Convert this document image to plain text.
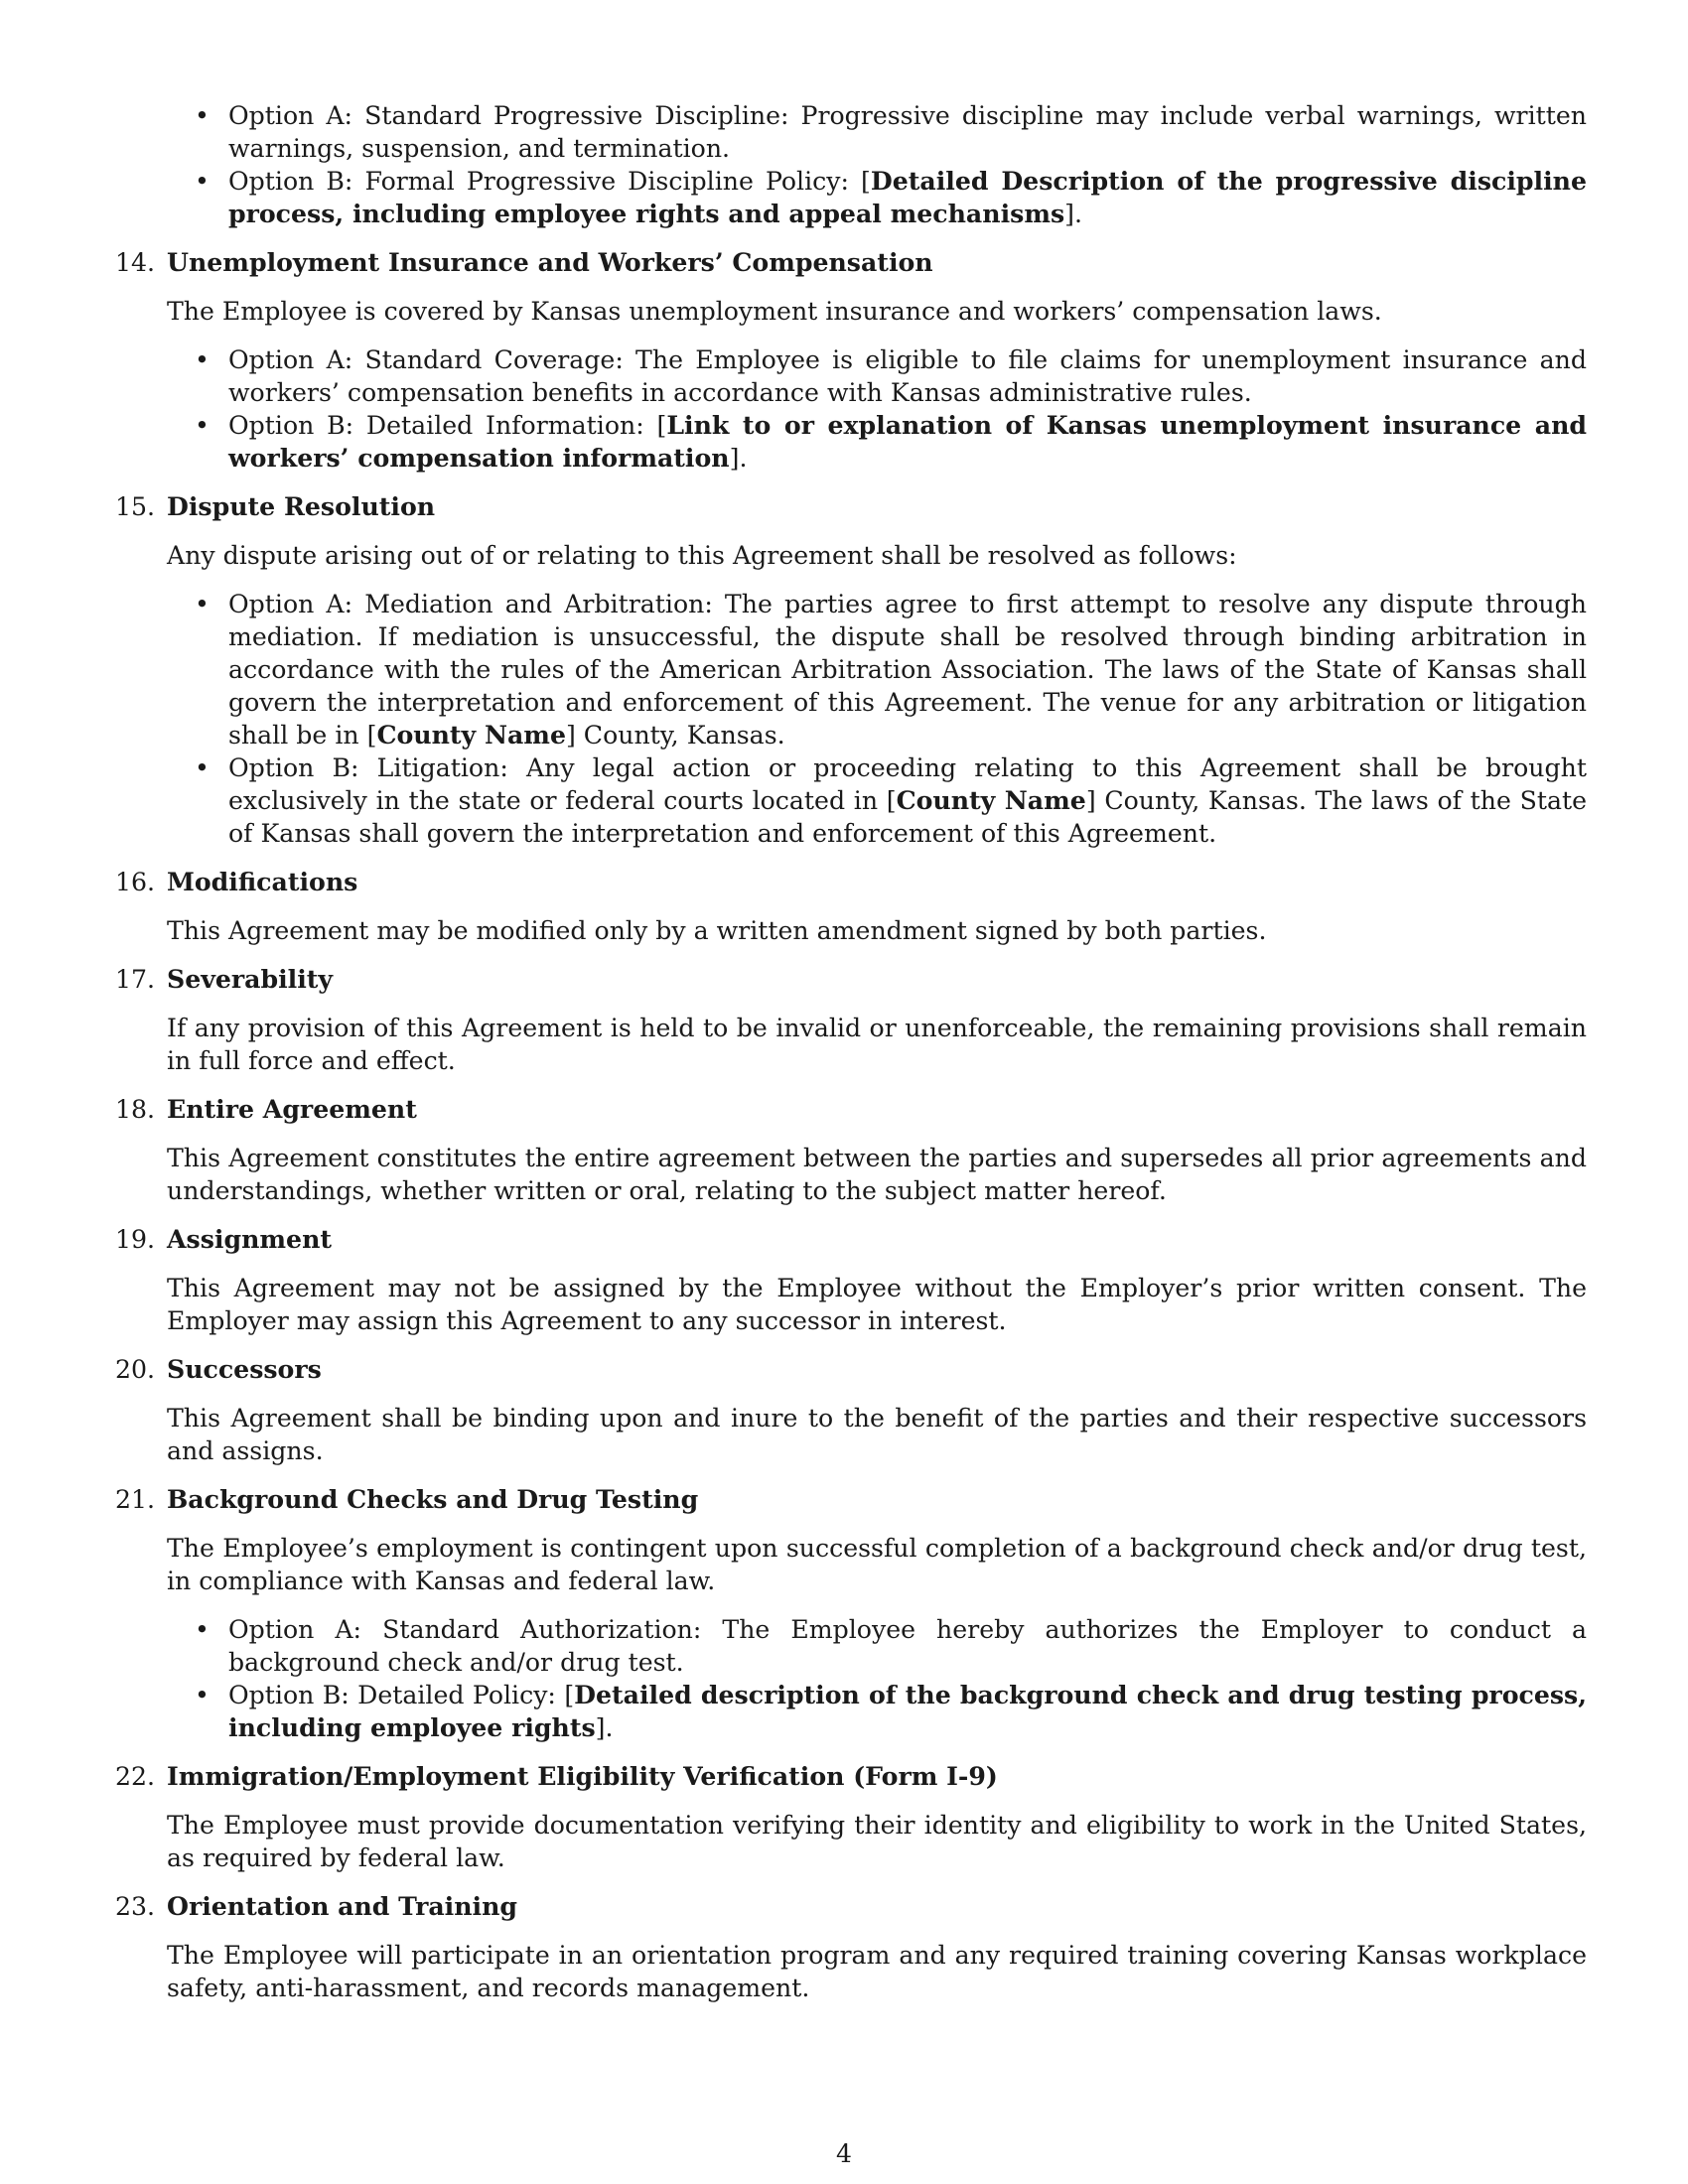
• Option A: Standard Progressive Discipline: Progressive discipline may include verbal warnings, written warnings, suspension, and termination.

• Option B: Formal Progressive Discipline Policy: [Detailed Description of the progressive discipline process, including employee rights and appeal mechanisms].

14. Unemployment Insurance and Workers’ Compensation

The Employee is covered by Kansas unemployment insurance and workers’ compensation laws.

• Option A: Standard Coverage: The Employee is eligible to file claims for unemployment insurance and workers’ compensation benefits in accordance with Kansas administrative rules.

• Option B: Detailed Information: [Link to or explanation of Kansas unemployment insurance and workers’ compensation information].

15. Dispute Resolution

Any dispute arising out of or relating to this Agreement shall be resolved as follows:

• Option A: Mediation and Arbitration: The parties agree to first attempt to resolve any dispute through mediation. If mediation is unsuccessful, the dispute shall be resolved through binding arbitration in accordance with the rules of the American Arbitration Association. The laws of the State of Kansas shall govern the interpretation and enforcement of this Agreement. The venue for any arbitration or litigation shall be in [County Name] County, Kansas.

• Option B: Litigation: Any legal action or proceeding relating to this Agreement shall be brought exclusively in the state or federal courts located in [County Name] County, Kansas. The laws of the State of Kansas shall govern the interpretation and enforcement of this Agreement.

16. Modifications

This Agreement may be modified only by a written amendment signed by both parties.

17. Severability

If any provision of this Agreement is held to be invalid or unenforceable, the remaining provisions shall remain in full force and effect.

18. Entire Agreement

This Agreement constitutes the entire agreement between the parties and supersedes all prior agreements and understandings, whether written or oral, relating to the subject matter hereof.

19. Assignment

This Agreement may not be assigned by the Employee without the Employer’s prior written consent. The Employer may assign this Agreement to any successor in interest.

20. Successors

This Agreement shall be binding upon and inure to the benefit of the parties and their respective successors and assigns.

21. Background Checks and Drug Testing

The Employee’s employment is contingent upon successful completion of a background check and/or drug test, in compliance with Kansas and federal law.

• Option A: Standard Authorization: The Employee hereby authorizes the Employer to conduct a background check and/or drug test.

• Option B: Detailed Policy: [Detailed description of the background check and drug testing process, including employee rights].

22. Immigration/Employment Eligibility Verification (Form I-9)

The Employee must provide documentation verifying their identity and eligibility to work in the United States, as required by federal law.

23. Orientation and Training

The Employee will participate in an orientation program and any required training covering Kansas workplace safety, anti-harassment, and records management.

4
